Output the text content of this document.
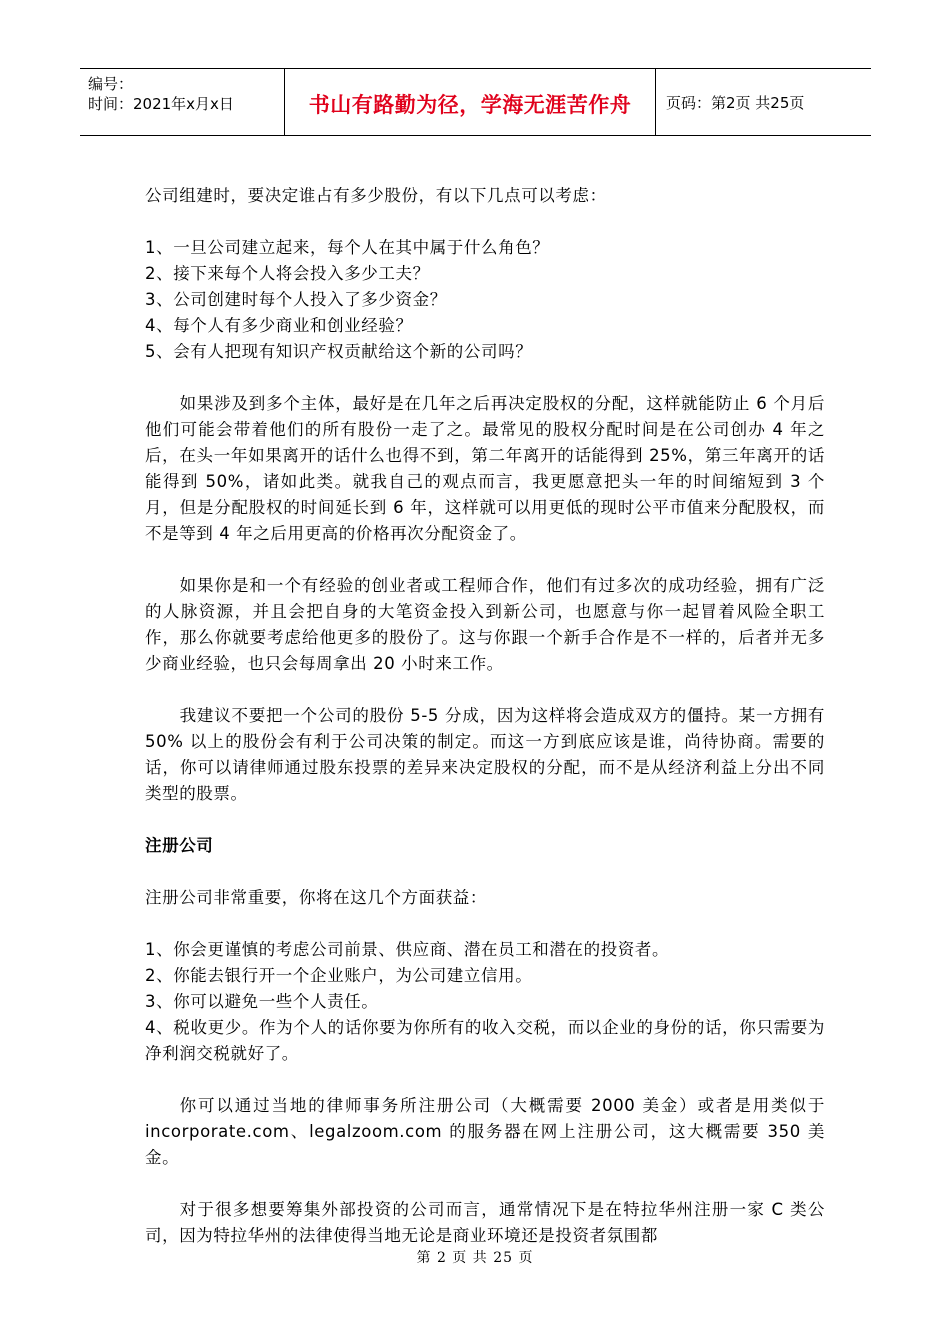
编号：
时间：2021年x月x日	书山有路勤为径，学海无涯苦作舟	页码：第2页 共25页

公司组建时，要决定谁占有多少股份，有以下几点可以考虑：

1、一旦公司建立起来，每个人在其中属于什么角色？

2、接下来每个人将会投入多少工夫？

3、公司创建时每个人投入了多少资金？

4、每个人有多少商业和创业经验？

5、会有人把现有知识产权贡献给这个新的公司吗？

如果涉及到多个主体，最好是在几年之后再决定股权的分配，这样就能防止 6 个月后他们可能会带着他们的所有股份一走了之。最常见的股权分配时间是在公司创办 4 年之后，在头一年如果离开的话什么也得不到，第二年离开的话能得到 25%，第三年离开的话能得到 50%，诸如此类。就我自己的观点而言，我更愿意把头一年的时间缩短到 3 个月，但是分配股权的时间延长到 6 年，这样就可以用更低的现时公平市值来分配股权，而不是等到 4 年之后用更高的价格再次分配资金了。

如果你是和一个有经验的创业者或工程师合作，他们有过多次的成功经验，拥有广泛的人脉资源，并且会把自身的大笔资金投入到新公司，也愿意与你一起冒着风险全职工作，那么你就要考虑给他更多的股份了。这与你跟一个新手合作是不一样的，后者并无多少商业经验，也只会每周拿出 20 小时来工作。

我建议不要把一个公司的股份 5-5 分成，因为这样将会造成双方的僵持。某一方拥有 50% 以上的股份会有利于公司决策的制定。而这一方到底应该是谁，尚待协商。需要的话，你可以请律师通过股东投票的差异来决定股权的分配，而不是从经济利益上分出不同类型的股票。

注册公司

注册公司非常重要，你将在这几个方面获益：

1、你会更谨慎的考虑公司前景、供应商、潜在员工和潜在的投资者。

2、你能去银行开一个企业账户，为公司建立信用。

3、你可以避免一些个人责任。

4、税收更少。作为个人的话你要为你所有的收入交税，而以企业的身份的话，你只需要为净利润交税就好了。

你可以通过当地的律师事务所注册公司（大概需要 2000 美金）或者是用类似于 incorporate.com、legalzoom.com 的服务器在网上注册公司，这大概需要 350 美金。

对于很多想要筹集外部投资的公司而言，通常情况下是在特拉华州注册一家 C 类公司，因为特拉华州的法律使得当地无论是商业环境还是投资者氛围都

第 2 页 共 25 页
